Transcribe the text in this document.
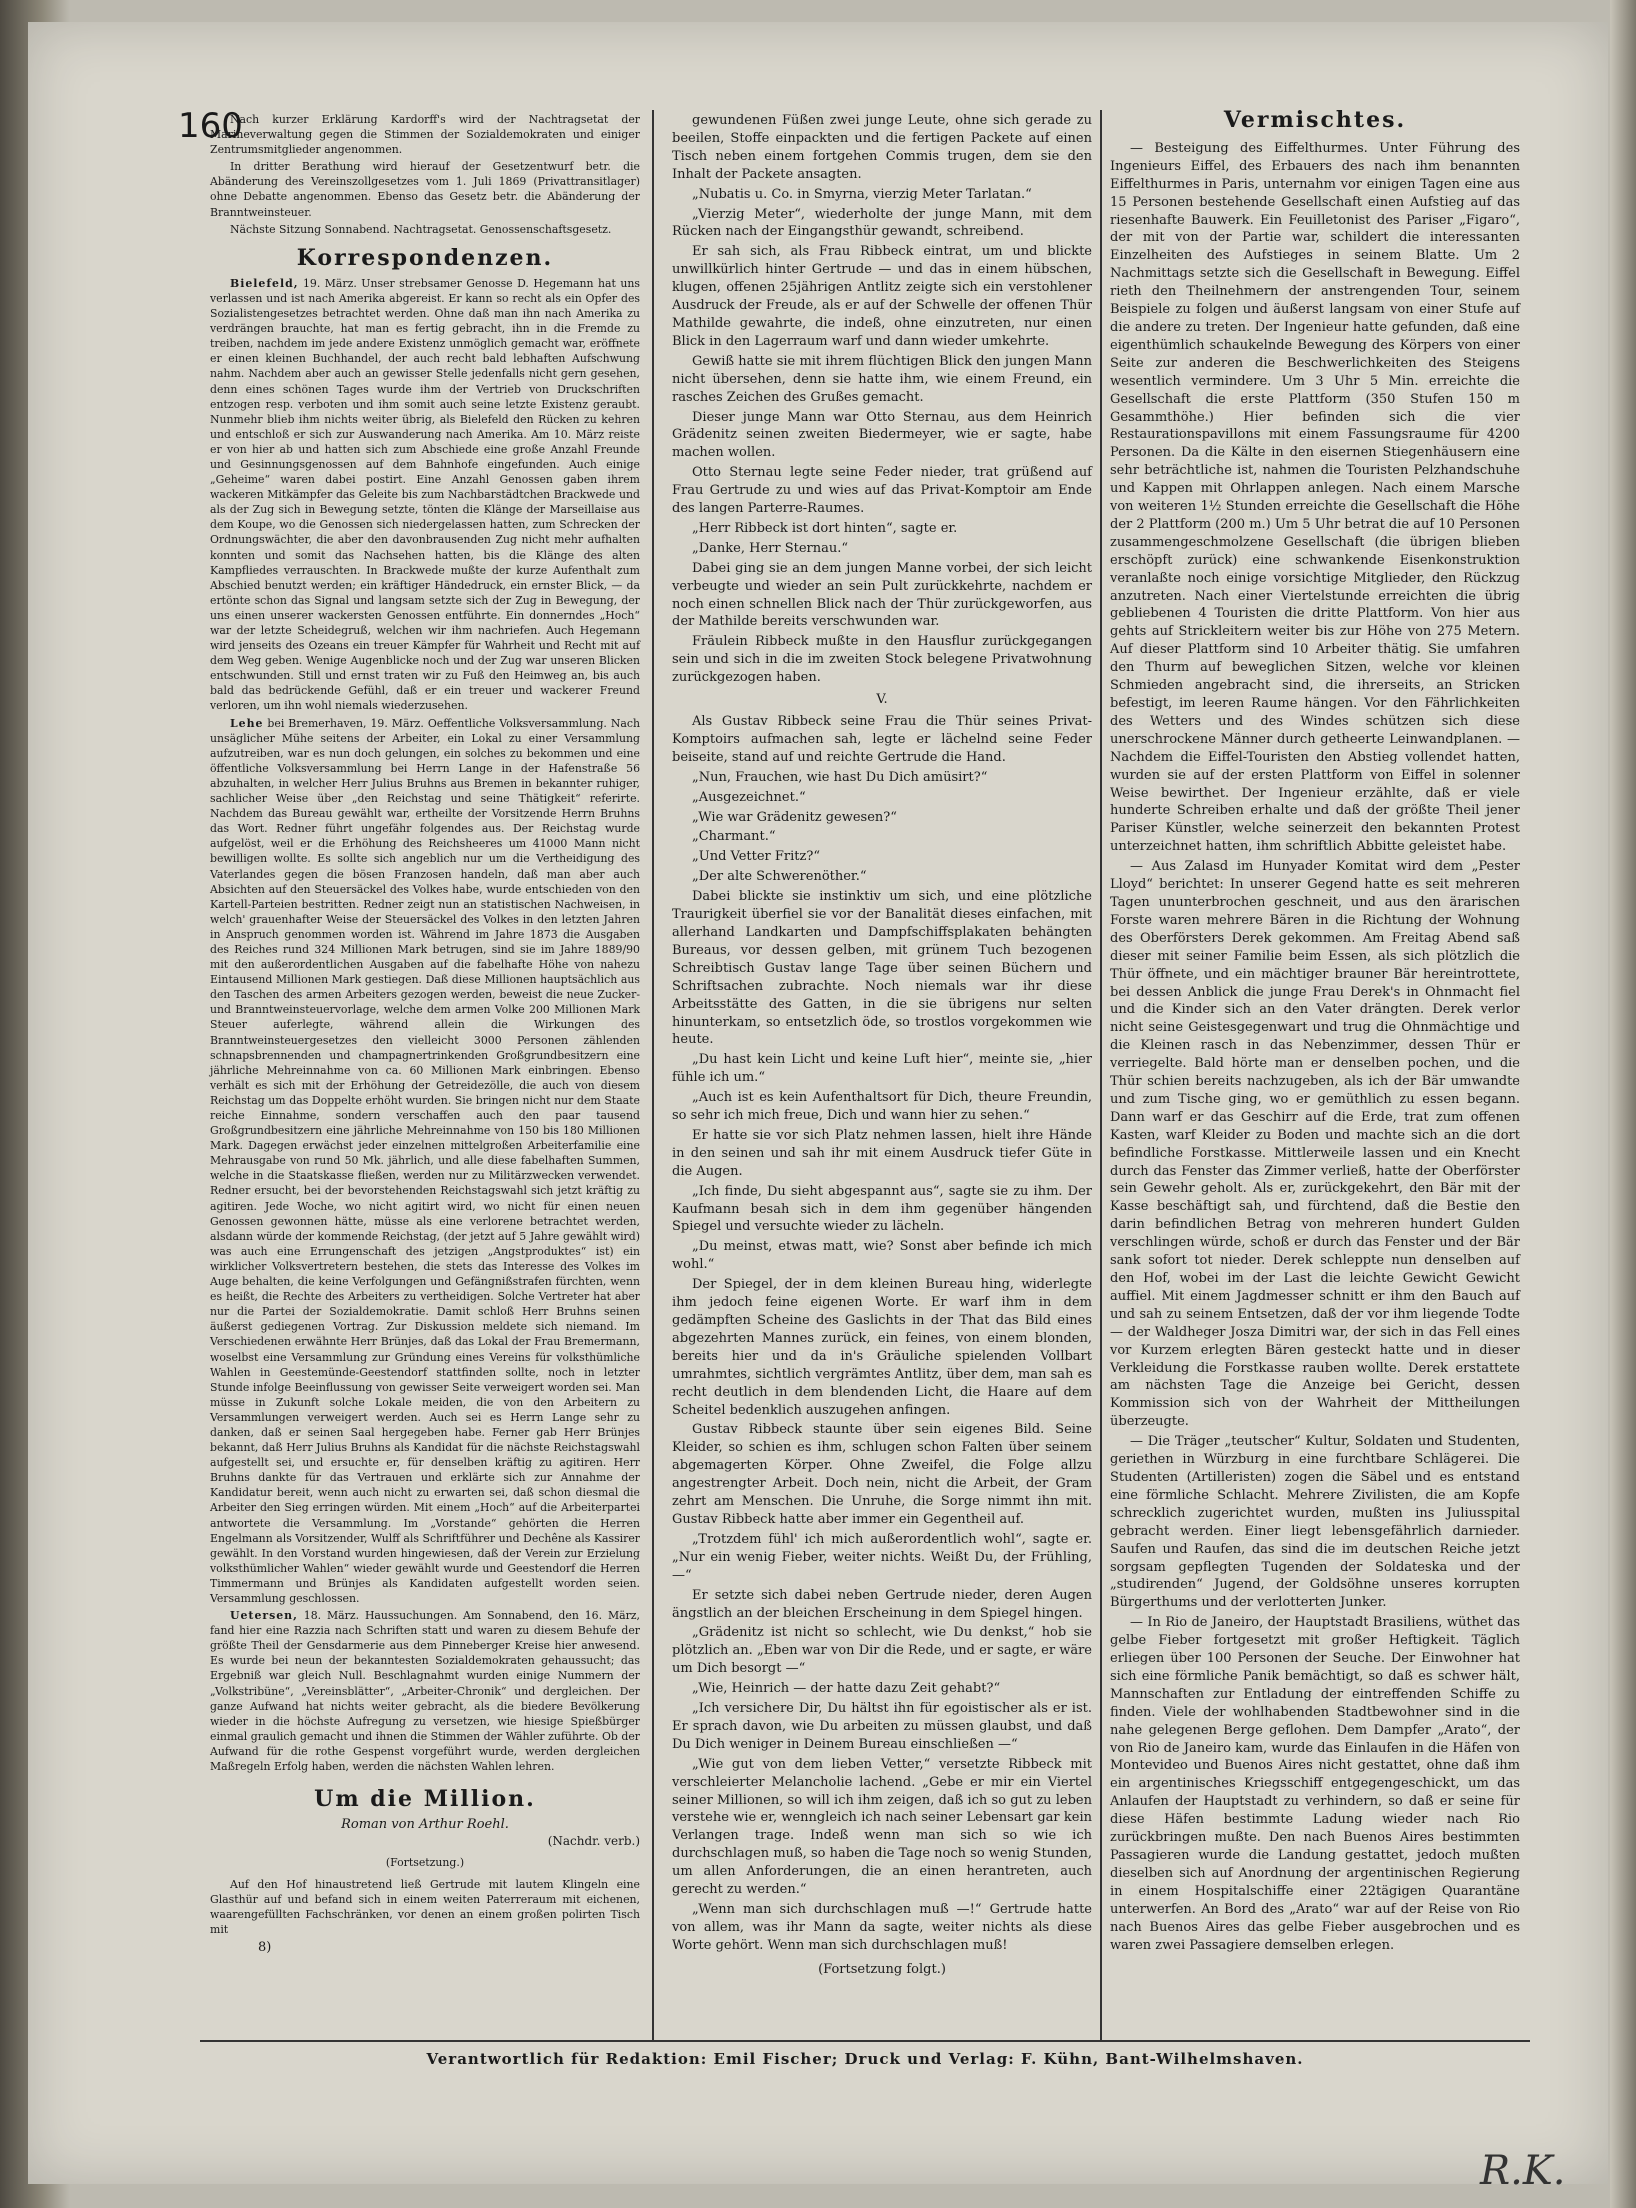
160

Nach kurzer Erklärung Kardorff's wird der Nachtragsetat der Marineverwaltung gegen die Stimmen der Sozialdemokraten und einiger Zentrumsmitglieder angenommen.

In dritter Berathung wird hierauf der Gesetzentwurf betr. die Abänderung des Vereinszollgesetzes vom 1. Juli 1869 (Privattransitlager) ohne Debatte angenommen. Ebenso das Gesetz betr. die Abänderung der Branntweinsteuer.

Nächste Sitzung Sonnabend. Nachtragsetat. Genossenschaftsgesetz.

Korrespondenzen.

Bielefeld, 19. März. Unser strebsamer Genosse D. Hegemann hat uns verlassen und ist nach Amerika abgereist. Er kann so recht als ein Opfer des Sozialistengesetzes betrachtet werden. Ohne daß man ihn nach Amerika zu verdrängen brauchte, hat man es fertig gebracht, ihn in die Fremde zu treiben, nachdem im jede andere Existenz unmöglich gemacht war, eröffnete er einen kleinen Buchhandel, der auch recht bald lebhaften Aufschwung nahm. Nachdem aber auch an gewisser Stelle jedenfalls nicht gern gesehen, denn eines schönen Tages wurde ihm der Vertrieb von Druckschriften entzogen resp. verboten und ihm somit auch seine letzte Existenz geraubt. Nunmehr blieb ihm nichts weiter übrig, als Bielefeld den Rücken zu kehren und entschloß er sich zur Auswanderung nach Amerika. Am 10. März reiste er von hier ab und hatten sich zum Abschiede eine große Anzahl Freunde und Gesinnungsgenossen auf dem Bahnhofe eingefunden. Auch einige „Geheime“ waren dabei postirt. Eine Anzahl Genossen gaben ihrem wackeren Mitkämpfer das Geleite bis zum Nachbarstädtchen Brackwede und als der Zug sich in Bewegung setzte, tönten die Klänge der Marseillaise aus dem Koupe, wo die Genossen sich niedergelassen hatten, zum Schrecken der Ordnungswächter, die aber den davonbrausenden Zug nicht mehr aufhalten konnten und somit das Nachsehen hatten, bis die Klänge des alten Kampfliedes verrauschten. In Brackwede mußte der kurze Aufenthalt zum Abschied benutzt werden; ein kräftiger Händedruck, ein ernster Blick, — da ertönte schon das Signal und langsam setzte sich der Zug in Bewegung, der uns einen unserer wackersten Genossen entführte. Ein donnerndes „Hoch“ war der letzte Scheidegruß, welchen wir ihm nachriefen. Auch Hegemann wird jenseits des Ozeans ein treuer Kämpfer für Wahrheit und Recht mit auf dem Weg geben. Wenige Augenblicke noch und der Zug war unseren Blicken entschwunden. Still und ernst traten wir zu Fuß den Heimweg an, bis auch bald das bedrückende Gefühl, daß er ein treuer und wackerer Freund verloren, um ihn wohl niemals wiederzusehen.

Lehe bei Bremerhaven, 19. März. Oeffentliche Volksversammlung. Nach unsäglicher Mühe seitens der Arbeiter, ein Lokal zu einer Versammlung aufzutreiben, war es nun doch gelungen, ein solches zu bekommen und eine öffentliche Volksversammlung bei Herrn Lange in der Hafenstraße 56 abzuhalten, in welcher Herr Julius Bruhns aus Bremen in bekannter ruhiger, sachlicher Weise über „den Reichstag und seine Thätigkeit“ referirte. Nachdem das Bureau gewählt war, ertheilte der Vorsitzende Herrn Bruhns das Wort. Redner führt ungefähr folgendes aus. Der Reichstag wurde aufgelöst, weil er die Erhöhung des Reichsheeres um 41000 Mann nicht bewilligen wollte. Es sollte sich angeblich nur um die Vertheidigung des Vaterlandes gegen die bösen Franzosen handeln, daß man aber auch Absichten auf den Steuersäckel des Volkes habe, wurde entschieden von den Kartell-Parteien bestritten. Redner zeigt nun an statistischen Nachweisen, in welch' grauenhafter Weise der Steuersäckel des Volkes in den letzten Jahren in Anspruch genommen worden ist. Während im Jahre 1873 die Ausgaben des Reiches rund 324 Millionen Mark betrugen, sind sie im Jahre 1889/90 mit den außerordentlichen Ausgaben auf die fabelhafte Höhe von nahezu Eintausend Millionen Mark gestiegen. Daß diese Millionen hauptsächlich aus den Taschen des armen Arbeiters gezogen werden, beweist die neue Zucker- und Branntweinsteuervorlage, welche dem armen Volke 200 Millionen Mark Steuer auferlegte, während allein die Wirkungen des Branntweinsteuergesetzes den vielleicht 3000 Personen zählenden schnapsbrennenden und champagnertrinkenden Großgrundbesitzern eine jährliche Mehreinnahme von ca. 60 Millionen Mark einbringen. Ebenso verhält es sich mit der Erhöhung der Getreidezölle, die auch von diesem Reichstag um das Doppelte erhöht wurden. Sie bringen nicht nur dem Staate reiche Einnahme, sondern verschaffen auch den paar tausend Großgrundbesitzern eine jährliche Mehreinnahme von 150 bis 180 Millionen Mark. Dagegen erwächst jeder einzelnen mittelgroßen Arbeiterfamilie eine Mehrausgabe von rund 50 Mk. jährlich, und alle diese fabelhaften Summen, welche in die Staatskasse fließen, werden nur zu Militärzwecken verwendet. Redner ersucht, bei der bevorstehenden Reichstagswahl sich jetzt kräftig zu agitiren. Jede Woche, wo nicht agitirt wird, wo nicht für einen neuen Genossen gewonnen hätte, müsse als eine verlorene betrachtet werden, alsdann würde der kommende Reichstag, (der jetzt auf 5 Jahre gewählt wird) was auch eine Errungenschaft des jetzigen „Angstproduktes“ ist) ein wirklicher Volksvertretern bestehen, die stets das Interesse des Volkes im Auge behalten, die keine Verfolgungen und Gefängnißstrafen fürchten, wenn es heißt, die Rechte des Arbeiters zu vertheidigen. Solche Vertreter hat aber nur die Partei der Sozialdemokratie. Damit schloß Herr Bruhns seinen äußerst gediegenen Vortrag. Zur Diskussion meldete sich niemand. Im Verschiedenen erwähnte Herr Brünjes, daß das Lokal der Frau Bremermann, woselbst eine Versammlung zur Gründung eines Vereins für volksthümliche Wahlen in Geestemünde-Geestendorf stattfinden sollte, noch in letzter Stunde infolge Beeinflussung von gewisser Seite verweigert worden sei. Man müsse in Zukunft solche Lokale meiden, die von den Arbeitern zu Versammlungen verweigert werden. Auch sei es Herrn Lange sehr zu danken, daß er seinen Saal hergegeben habe. Ferner gab Herr Brünjes bekannt, daß Herr Julius Bruhns als Kandidat für die nächste Reichstagswahl aufgestellt sei, und ersuchte er, für denselben kräftig zu agitiren. Herr Bruhns dankte für das Vertrauen und erklärte sich zur Annahme der Kandidatur bereit, wenn auch nicht zu erwarten sei, daß schon diesmal die Arbeiter den Sieg erringen würden. Mit einem „Hoch“ auf die Arbeiterpartei antwortete die Versammlung. Im „Vorstande“ gehörten die Herren Engelmann als Vorsitzender, Wulff als Schriftführer und Dechêne als Kassirer gewählt. In den Vorstand wurden hingewiesen, daß der Verein zur Erzielung volksthümlicher Wahlen“ wieder gewählt wurde und Geestendorf die Herren Timmermann und Brünjes als Kandidaten aufgestellt worden seien. Versammlung geschlossen.

Uetersen, 18. März. Haussuchungen. Am Sonnabend, den 16. März, fand hier eine Razzia nach Schriften statt und waren zu diesem Behufe der größte Theil der Gensdarmerie aus dem Pinneberger Kreise hier anwesend. Es wurde bei neun der bekanntesten Sozialdemokraten gehaussucht; das Ergebniß war gleich Null. Beschlagnahmt wurden einige Nummern der „Volkstribüne“, „Vereinsblätter“, „Arbeiter-Chronik“ und dergleichen. Der ganze Aufwand hat nichts weiter gebracht, als die biedere Bevölkerung wieder in die höchste Aufregung zu versetzen, wie hiesige Spießbürger einmal graulich gemacht und ihnen die Stimmen der Wähler zuführte. Ob der Aufwand für die rothe Gespenst vorgeführt wurde, werden dergleichen Maßregeln Erfolg haben, werden die nächsten Wahlen lehren.

Um die Million.
Roman von Arthur Roehl.
(Nachdr. verb.)
(Fortsetzung.)

Auf den Hof hinaustretend ließ Gertrude mit lautem Klingeln eine Glasthür auf und befand sich in einem weiten Paterreraum mit eichenen, waarengefüllten Fachschränken, vor denen an einem großen polirten Tisch mit

8)

gewundenen Füßen zwei junge Leute, ohne sich gerade zu beeilen, Stoffe einpackten und die fertigen Packete auf einen Tisch neben einem fortgehen Commis trugen, dem sie den Inhalt der Packete ansagten.

„Nubatis u. Co. in Smyrna, vierzig Meter Tarlatan.“

„Vierzig Meter“, wiederholte der junge Mann, mit dem Rücken nach der Eingangsthür gewandt, schreibend.

Er sah sich, als Frau Ribbeck eintrat, um und blickte unwillkürlich hinter Gertrude — und das in einem hübschen, klugen, offenen 25jährigen Antlitz zeigte sich ein verstohlener Ausdruck der Freude, als er auf der Schwelle der offenen Thür Mathilde gewahrte, die indeß, ohne einzutreten, nur einen Blick in den Lagerraum warf und dann wieder umkehrte.

Gewiß hatte sie mit ihrem flüchtigen Blick den jungen Mann nicht übersehen, denn sie hatte ihm, wie einem Freund, ein rasches Zeichen des Grußes gemacht.

Dieser junge Mann war Otto Sternau, aus dem Heinrich Grädenitz seinen zweiten Biedermeyer, wie er sagte, habe machen wollen.

Otto Sternau legte seine Feder nieder, trat grüßend auf Frau Gertrude zu und wies auf das Privat-Komptoir am Ende des langen Parterre-Raumes.

„Herr Ribbeck ist dort hinten“, sagte er.

„Danke, Herr Sternau.“

Dabei ging sie an dem jungen Manne vorbei, der sich leicht verbeugte und wieder an sein Pult zurückkehrte, nachdem er noch einen schnellen Blick nach der Thür zurückgeworfen, aus der Mathilde bereits verschwunden war.

Fräulein Ribbeck mußte in den Hausflur zurückgegangen sein und sich in die im zweiten Stock belegene Privatwohnung zurückgezogen haben.

V.

Als Gustav Ribbeck seine Frau die Thür seines Privat-Komptoirs aufmachen sah, legte er lächelnd seine Feder beiseite, stand auf und reichte Gertrude die Hand.

„Nun, Frauchen, wie hast Du Dich amüsirt?“

„Ausgezeichnet.“

„Wie war Grädenitz gewesen?“

„Charmant.“

„Und Vetter Fritz?“

„Der alte Schwerenöther.“

Dabei blickte sie instinktiv um sich, und eine plötzliche Traurigkeit überfiel sie vor der Banalität dieses einfachen, mit allerhand Landkarten und Dampfschiffsplakaten behängten Bureaus, vor dessen gelben, mit grünem Tuch bezogenen Schreibtisch Gustav lange Tage über seinen Büchern und Schriftsachen zubrachte. Noch niemals war ihr diese Arbeitsstätte des Gatten, in die sie übrigens nur selten hinunterkam, so entsetzlich öde, so trostlos vorgekommen wie heute.

„Du hast kein Licht und keine Luft hier“, meinte sie, „hier fühle ich um.“

„Auch ist es kein Aufenthaltsort für Dich, theure Freundin, so sehr ich mich freue, Dich und wann hier zu sehen.“

Er hatte sie vor sich Platz nehmen lassen, hielt ihre Hände in den seinen und sah ihr mit einem Ausdruck tiefer Güte in die Augen.

„Ich finde, Du sieht abgespannt aus“, sagte sie zu ihm. Der Kaufmann besah sich in dem ihm gegenüber hängenden Spiegel und versuchte wieder zu lächeln.

„Du meinst, etwas matt, wie? Sonst aber befinde ich mich wohl.“

Der Spiegel, der in dem kleinen Bureau hing, widerlegte ihm jedoch feine eigenen Worte. Er warf ihm in dem gedämpften Scheine des Gaslichts in der That das Bild eines abgezehrten Mannes zurück, ein feines, von einem blonden, bereits hier und da in's Gräuliche spielenden Vollbart umrahmtes, sichtlich vergrämtes Antlitz, über dem, man sah es recht deutlich in dem blendenden Licht, die Haare auf dem Scheitel bedenklich auszugehen anfingen.

Gustav Ribbeck staunte über sein eigenes Bild. Seine Kleider, so schien es ihm, schlugen schon Falten über seinem abgemagerten Körper. Ohne Zweifel, die Folge allzu angestrengter Arbeit. Doch nein, nicht die Arbeit, der Gram zehrt am Menschen. Die Unruhe, die Sorge nimmt ihn mit. Gustav Ribbeck hatte aber immer ein Gegentheil auf.

„Trotzdem fühl' ich mich außerordentlich wohl“, sagte er. „Nur ein wenig Fieber, weiter nichts. Weißt Du, der Frühling,—“

Er setzte sich dabei neben Gertrude nieder, deren Augen ängstlich an der bleichen Erscheinung in dem Spiegel hingen.

„Grädenitz ist nicht so schlecht, wie Du denkst,“ hob sie plötzlich an. „Eben war von Dir die Rede, und er sagte, er wäre um Dich besorgt —“

„Wie, Heinrich — der hatte dazu Zeit gehabt?“

„Ich versichere Dir, Du hältst ihn für egoistischer als er ist. Er sprach davon, wie Du arbeiten zu müssen glaubst, und daß Du Dich weniger in Deinem Bureau einschließen —“

„Wie gut von dem lieben Vetter,“ versetzte Ribbeck mit verschleierter Melancholie lachend. „Gebe er mir ein Viertel seiner Millionen, so will ich ihm zeigen, daß ich so gut zu leben verstehe wie er, wenngleich ich nach seiner Lebensart gar kein Verlangen trage. Indeß wenn man sich so wie ich durchschlagen muß, so haben die Tage noch so wenig Stunden, um allen Anforderungen, die an einen herantreten, auch gerecht zu werden.“

„Wenn man sich durchschlagen muß —!“ Gertrude hatte von allem, was ihr Mann da sagte, weiter nichts als diese Worte gehört. Wenn man sich durchschlagen muß!

(Fortsetzung folgt.)
Vermischtes.

— Besteigung des Eiffelthurmes. Unter Führung des Ingenieurs Eiffel, des Erbauers des nach ihm benannten Eiffelthurmes in Paris, unternahm vor einigen Tagen eine aus 15 Personen bestehende Gesellschaft einen Aufstieg auf das riesenhafte Bauwerk. Ein Feuilletonist des Pariser „Figaro“, der mit von der Partie war, schildert die interessanten Einzelheiten des Aufstieges in seinem Blatte. Um 2 Nachmittags setzte sich die Gesellschaft in Bewegung. Eiffel rieth den Theilnehmern der anstrengenden Tour, seinem Beispiele zu folgen und äußerst langsam von einer Stufe auf die andere zu treten. Der Ingenieur hatte gefunden, daß eine eigenthümlich schaukelnde Bewegung des Körpers von einer Seite zur anderen die Beschwerlichkeiten des Steigens wesentlich vermindere. Um 3 Uhr 5 Min. erreichte die Gesellschaft die erste Plattform (350 Stufen 150 m Gesammthöhe.) Hier befinden sich die vier Restaurationspavillons mit einem Fassungsraume für 4200 Personen. Da die Kälte in den eisernen Stiegenhäusern eine sehr beträchtliche ist, nahmen die Touristen Pelzhandschuhe und Kappen mit Ohrlappen anlegen. Nach einem Marsche von weiteren 1½ Stunden erreichte die Gesellschaft die Höhe der 2 Plattform (200 m.) Um 5 Uhr betrat die auf 10 Personen zusammengeschmolzene Gesellschaft (die übrigen blieben erschöpft zurück) eine schwankende Eisenkonstruktion veranlaßte noch einige vorsichtige Mitglieder, den Rückzug anzutreten. Nach einer Viertelstunde erreichten die übrig gebliebenen 4 Touristen die dritte Plattform. Von hier aus gehts auf Strickleitern weiter bis zur Höhe von 275 Metern. Auf dieser Plattform sind 10 Arbeiter thätig. Sie umfahren den Thurm auf beweglichen Sitzen, welche vor kleinen Schmieden angebracht sind, die ihrerseits, an Stricken befestigt, im leeren Raume hängen. Vor den Fährlichkeiten des Wetters und des Windes schützen sich diese unerschrockene Männer durch getheerte Leinwandplanen. — Nachdem die Eiffel-Touristen den Abstieg vollendet hatten, wurden sie auf der ersten Plattform von Eiffel in solenner Weise bewirthet. Der Ingenieur erzählte, daß er viele hunderte Schreiben erhalte und daß der größte Theil jener Pariser Künstler, welche seinerzeit den bekannten Protest unterzeichnet hatten, ihm schriftlich Abbitte geleistet habe.

— Aus Zalasd im Hunyader Komitat wird dem „Pester Lloyd“ berichtet: In unserer Gegend hatte es seit mehreren Tagen ununterbrochen geschneit, und aus den ärarischen Forste waren mehrere Bären in die Richtung der Wohnung des Oberförsters Derek gekommen. Am Freitag Abend saß dieser mit seiner Familie beim Essen, als sich plötzlich die Thür öffnete, und ein mächtiger brauner Bär hereintrottete, bei dessen Anblick die junge Frau Derek's in Ohnmacht fiel und die Kinder sich an den Vater drängten. Derek verlor nicht seine Geistesgegenwart und trug die Ohnmächtige und die Kleinen rasch in das Nebenzimmer, dessen Thür er verriegelte. Bald hörte man er denselben pochen, und die Thür schien bereits nachzugeben, als ich der Bär umwandte und zum Tische ging, wo er gemüthlich zu essen begann. Dann warf er das Geschirr auf die Erde, trat zum offenen Kasten, warf Kleider zu Boden und machte sich an die dort befindliche Forstkasse. Mittlerweile lassen und ein Knecht durch das Fenster das Zimmer verließ, hatte der Oberförster sein Gewehr geholt. Als er, zurückgekehrt, den Bär mit der Kasse beschäftigt sah, und fürchtend, daß die Bestie den darin befindlichen Betrag von mehreren hundert Gulden verschlingen würde, schoß er durch das Fenster und der Bär sank sofort tot nieder. Derek schleppte nun denselben auf den Hof, wobei im der Last die leichte Gewicht Gewicht auffiel. Mit einem Jagdmesser schnitt er ihm den Bauch auf und sah zu seinem Entsetzen, daß der vor ihm liegende Todte — der Waldheger Josza Dimitri war, der sich in das Fell eines vor Kurzem erlegten Bären gesteckt hatte und in dieser Verkleidung die Forstkasse rauben wollte. Derek erstattete am nächsten Tage die Anzeige bei Gericht, dessen Kommission sich von der Wahrheit der Mittheilungen überzeugte.

— Die Träger „teutscher“ Kultur, Soldaten und Studenten, geriethen in Würzburg in eine furchtbare Schlägerei. Die Studenten (Artilleristen) zogen die Säbel und es entstand eine förmliche Schlacht. Mehrere Zivilisten, die am Kopfe schrecklich zugerichtet wurden, mußten ins Juliusspital gebracht werden. Einer liegt lebensgefährlich darnieder. Saufen und Raufen, das sind die im deutschen Reiche jetzt sorgsam gepflegten Tugenden der Soldateska und der „studirenden“ Jugend, der Goldsöhne unseres korrupten Bürgerthums und der verlotterten Junker.

— In Rio de Janeiro, der Hauptstadt Brasiliens, wüthet das gelbe Fieber fortgesetzt mit großer Heftigkeit. Täglich erliegen über 100 Personen der Seuche. Der Einwohner hat sich eine förmliche Panik bemächtigt, so daß es schwer hält, Mannschaften zur Entladung der eintreffenden Schiffe zu finden. Viele der wohlhabenden Stadtbewohner sind in die nahe gelegenen Berge geflohen. Dem Dampfer „Arato“, der von Rio de Janeiro kam, wurde das Einlaufen in die Häfen von Montevideo und Buenos Aires nicht gestattet, ohne daß ihm ein argentinisches Kriegsschiff entgegengeschickt, um das Anlaufen der Hauptstadt zu verhindern, so daß er seine für diese Häfen bestimmte Ladung wieder nach Rio zurückbringen mußte. Den nach Buenos Aires bestimmten Passagieren wurde die Landung gestattet, jedoch mußten dieselben sich auf Anordnung der argentinischen Regierung in einem Hospitalschiffe einer 22tägigen Quarantäne unterwerfen. An Bord des „Arato“ war auf der Reise von Rio nach Buenos Aires das gelbe Fieber ausgebrochen und es waren zwei Passagiere demselben erlegen.

Verantwortlich für Redaktion: Emil Fischer; Druck und Verlag: F. Kühn, Bant-Wilhelmshaven.
R.K.
